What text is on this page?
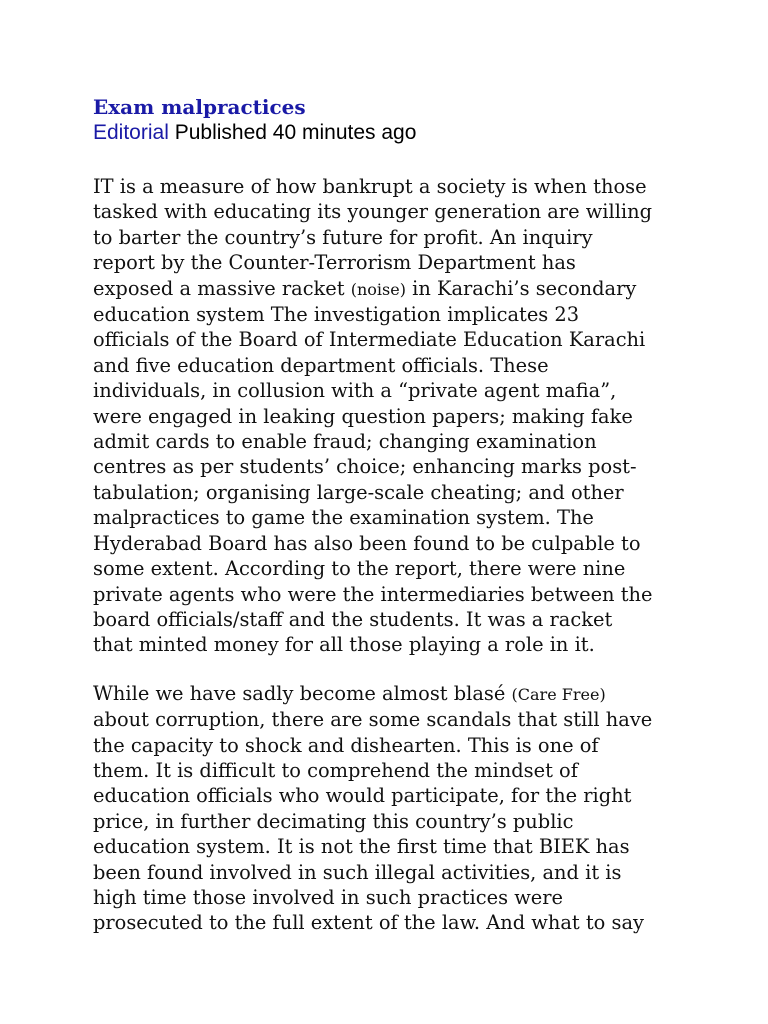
Exam malpractices

Editorial Published 40 minutes ago

IT is a measure of how bankrupt a society is when those
tasked with educating its younger generation are willing
to barter the country’s future for profit. An inquiry
report by the Counter-Terrorism Department has
exposed a massive racket (noise) in Karachi’s secondary
education system The investigation implicates 23
officials of the Board of Intermediate Education Karachi
and five education department officials. These
individuals, in collusion with a “private agent mafia”,
were engaged in leaking question papers; making fake
admit cards to enable fraud; changing examination
centres as per students’ choice; enhancing marks post-
tabulation; organising large-scale cheating; and other
malpractices to game the examination system. The
Hyderabad Board has also been found to be culpable to
some extent. According to the report, there were nine
private agents who were the intermediaries between the
board officials/staff and the students. It was a racket
that minted money for all those playing a role in it.

While we have sadly become almost blasé (Care Free)
about corruption, there are some scandals that still have
the capacity to shock and dishearten. This is one of
them. It is difficult to comprehend the mindset of
education officials who would participate, for the right
price, in further decimating this country’s public
education system. It is not the first time that BIEK has
been found involved in such illegal activities, and it is
high time those involved in such practices were
prosecuted to the full extent of the law. And what to say
